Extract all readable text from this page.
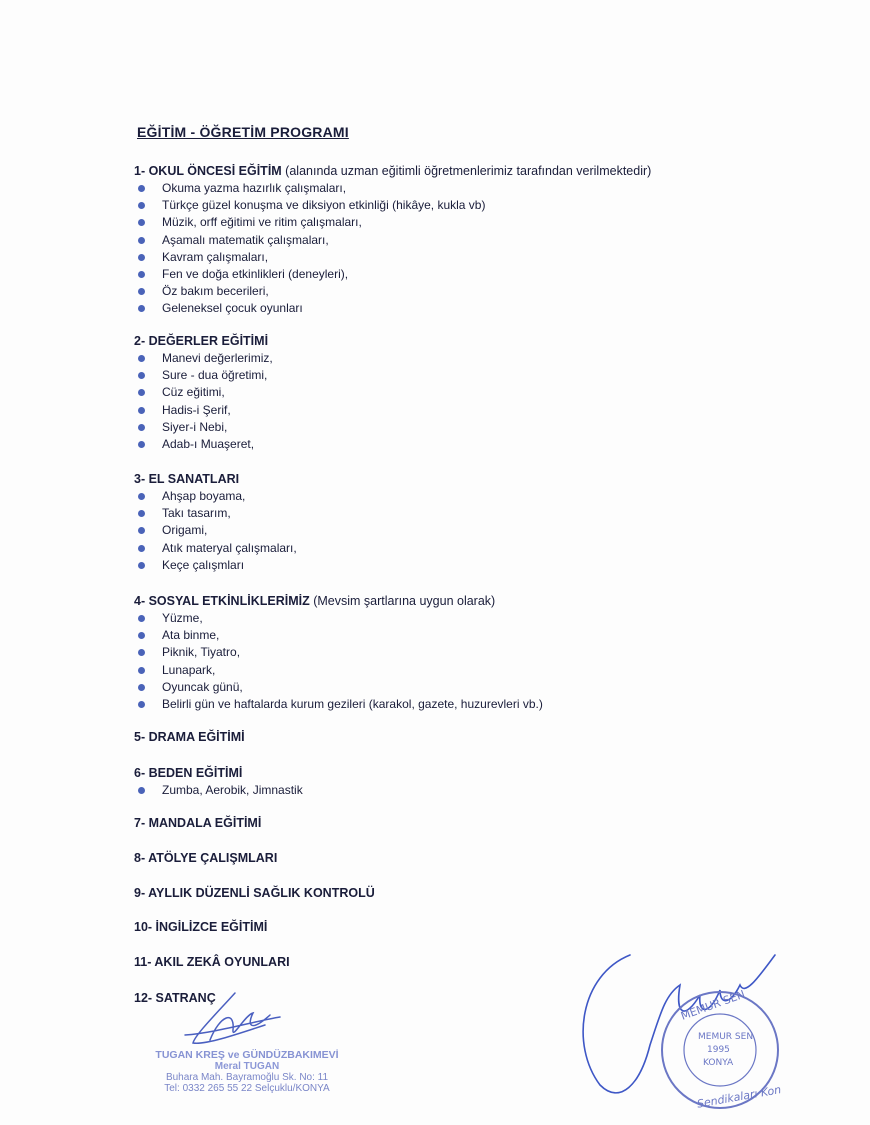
EĞİTİM - ÖĞRETİM PROGRAMI
1- OKUL ÖNCESİ EĞİTİM (alanında uzman eğitimli öğretmenlerimiz tarafından verilmektedir)
Okuma yazma hazırlık çalışmaları,
Türkçe güzel konuşma ve diksiyon etkinliği (hikâye, kukla vb)
Müzik, orff eğitimi ve ritim çalışmaları,
Aşamalı matematik çalışmaları,
Kavram çalışmaları,
Fen ve doğa etkinlikleri (deneyleri),
Öz bakım becerileri,
Geleneksel çocuk oyunları
2- DEĞERLER EĞİTİMİ
Manevi değerlerimiz,
Sure - dua öğretimi,
Cüz eğitimi,
Hadis-i Şerif,
Siyer-i Nebi,
Adab-ı Muaşeret,
3- EL SANATLARI
Ahşap boyama,
Takı tasarım,
Origami,
Atık materyal çalışmaları,
Keçe çalışmları
4- SOSYAL ETKİNLİKLERİMİZ (Mevsim şartlarına uygun olarak)
Yüzme,
Ata binme,
Piknik, Tiyatro,
Lunapark,
Oyuncak günü,
Belirli gün ve haftalarda kurum gezileri (karakol, gazete, huzurevleri vb.)
5- DRAMA EĞİTİMİ
6- BEDEN EĞİTİMİ
Zumba, Aerobik, Jimnastik
7- MANDALA EĞİTİMİ
8- ATÖLYE ÇALIŞMLARI
9- AYLLIK DÜZENLİ SAĞLIK KONTROLÜ
10- İNGİLİZCE EĞİTİMİ
11- AKIL ZEKÂ OYUNLARI
12- SATRANÇ
TUGAN KREŞ ve GÜNDÜZBAKIMEVİ
Meral TUGAN
Buhara Mah. Bayramoğlu Sk. No: 11
Tel: 0332 265 55 22 Selçuklu/KONYA
MEMUR SEN
MEMUR SEN
1995
KONYA
Sendikaları Kon
